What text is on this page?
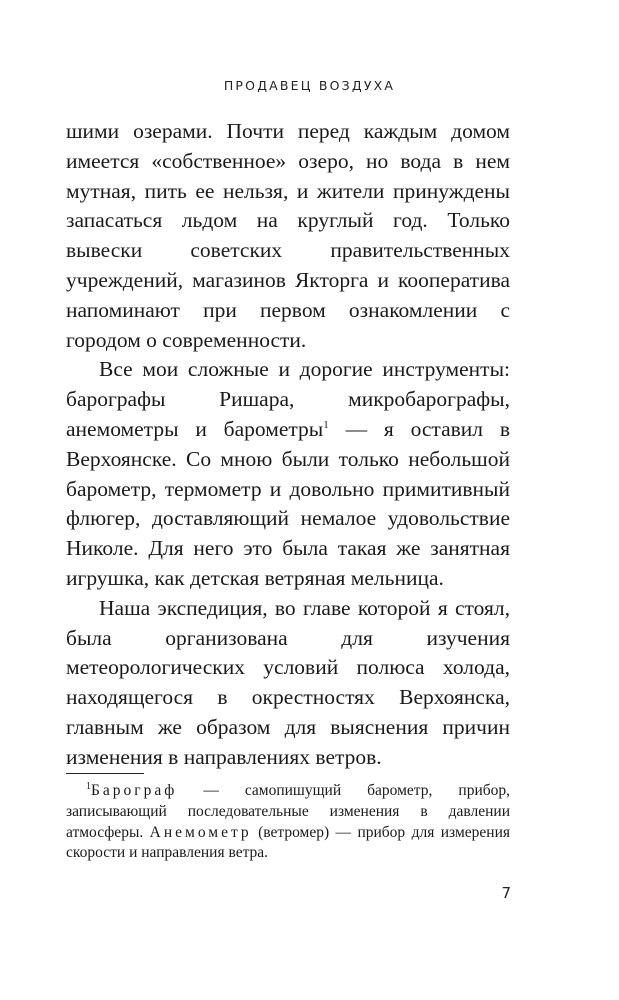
ПРОДАВЕЦ ВОЗДУХА

шими озерами. Почти перед каждым домом имеется «собственное» озеро, но вода в нем мутная, пить ее нельзя, и жители принуждены запасаться льдом на круглый год. Только вывески советских правительственных учреждений, магазинов Якторга и кооператива напоминают при первом ознакомлении с городом о современности.

Все мои сложные и дорогие инструменты: барографы Ришара, микробарографы, анемометры и барометры$^1$ — я оставил в Верхоянске. Со мною были только небольшой барометр, термометр и довольно примитивный флюгер, доставляющий немалое удовольствие Николе. Для него это была такая же занятная игрушка, как детская ветряная мельница.

Наша экспедиция, во главе которой я стоял, была организована для изучения метеорологических условий полюса холода, находящегося в окрестностях Верхоянска, главным же образом для выяснения причин изменения в направлениях ветров.

$^1$Барограф — самопишущий барометр, прибор, записывающий последовательные изменения в давлении атмосферы. Анемометр (ветромер) — прибор для измерения скорости и направления ветра.
7
